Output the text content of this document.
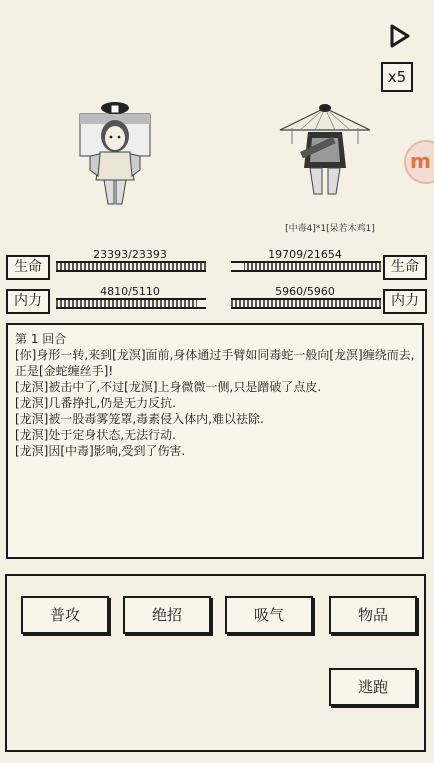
x5
m
[中毒4]*1[呆若木鸡1]
生命
23393/23393
生命
19709/21654
内力
4810/5110
内力
5960/5960
第 1 回合
[你]身形一转,来到[龙溟]面前,身体通过手臂如同毒蛇一般向[龙溟]缠绕而去,正是[金蛇缠丝手]!
[龙溟]被击中了,不过[龙溟]上身微微一侧,只是蹭破了点皮.
[龙溟]几番挣扎,仍是无力反抗.
[龙溟]被一股毒雾笼罩,毒素侵入体内,难以祛除.
[龙溟]处于定身状态,无法行动.
[龙溟]因[中毒]影响,受到了伤害.
普攻	绝招	吸气	物品
逃跑
